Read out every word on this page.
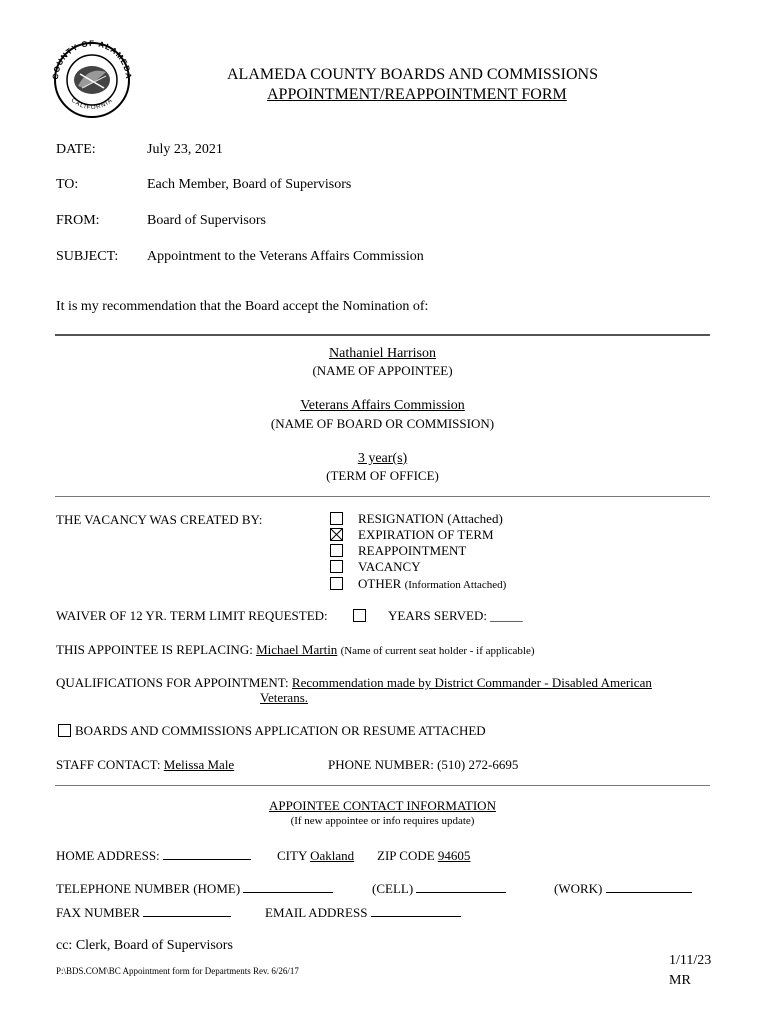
COUNTY OF ALAMEDA
CALIFORNIA
ALAMEDA COUNTY BOARDS AND COMMISSIONS
APPOINTMENT/REAPPOINTMENT FORM
DATE:	July 23, 2021
TO:	Each Member, Board of Supervisors
FROM:	Board of Supervisors
SUBJECT: Appointment to the Veterans Affairs Commission
It is my recommendation that the Board accept the Nomination of:
Nathaniel Harrison
(NAME OF APPOINTEE)
Veterans Affairs Commission
(NAME OF BOARD OR COMMISSION)
3 year(s)
(TERM OF OFFICE)
THE VACANCY WAS CREATED BY:	RESIGNATION (Attached)
EXPIRATION OF TERM
REAPPOINTMENT
VACANCY
OTHER (Information Attached)
WAIVER OF 12 YR. TERM LIMIT REQUESTED:	YEARS SERVED: _____
THIS APPOINTEE IS REPLACING: Michael Martin (Name of current seat holder - if applicable)
QUALIFICATIONS FOR APPOINTMENT: Recommendation made by District Commander - Disabled American
Veterans.
BOARDS AND COMMISSIONS APPLICATION OR RESUME ATTACHED
STAFF CONTACT: Melissa Male	PHONE NUMBER: (510) 272-6695
APPOINTEE CONTACT INFORMATION
(If new appointee or info requires update)
HOME ADDRESS:	CITY Oakland ZIP CODE 94605
TELEPHONE NUMBER (HOME)	(CELL)	(WORK)
FAX NUMBER	EMAIL ADDRESS
cc: Clerk, Board of Supervisors
P:\BDS.COM\BC Appointment form for Departments Rev. 6/26/17
1/11/23
MR
